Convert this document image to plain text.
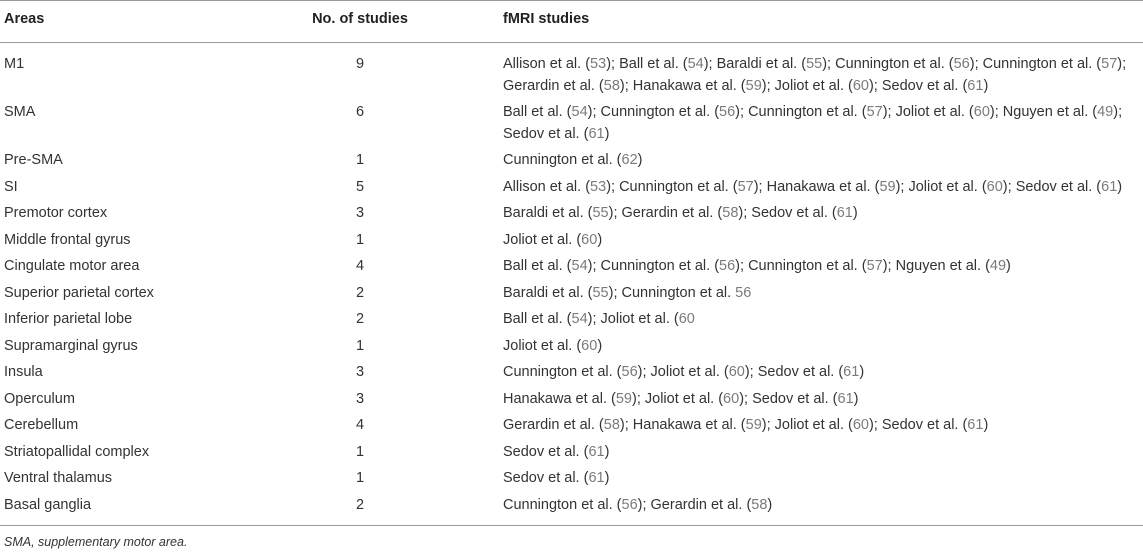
Areas	No. of studies	fMRI studies
M1	9	Allison et al. (53); Ball et al. (54); Baraldi et al. (55); Cunnington et al. (56); Cunnington et al. (57);
Gerardin et al. (58); Hanakawa et al. (59); Joliot et al. (60); Sedov et al. (61)
SMA	6	Ball et al. (54); Cunnington et al. (56); Cunnington et al. (57); Joliot et al. (60); Nguyen et al. (49);
Sedov et al. (61)
Pre-SMA	1	Cunnington et al. (62)
SI	5	Allison et al. (53); Cunnington et al. (57); Hanakawa et al. (59); Joliot et al. (60); Sedov et al. (61)
Premotor cortex	3	Baraldi et al. (55); Gerardin et al. (58); Sedov et al. (61)
Middle frontal gyrus	1	Joliot et al. (60)
Cingulate motor area	4	Ball et al. (54); Cunnington et al. (56); Cunnington et al. (57); Nguyen et al. (49)
Superior parietal cortex	2	Baraldi et al. (55); Cunnington et al. 56
Inferior parietal lobe	2	Ball et al. (54); Joliot et al. (60
Supramarginal gyrus	1	Joliot et al. (60)
Insula	3	Cunnington et al. (56); Joliot et al. (60); Sedov et al. (61)
Operculum	3	Hanakawa et al. (59); Joliot et al. (60); Sedov et al. (61)
Cerebellum	4	Gerardin et al. (58); Hanakawa et al. (59); Joliot et al. (60); Sedov et al. (61)
Striatopallidal complex	1	Sedov et al. (61)
Ventral thalamus	1	Sedov et al. (61)
Basal ganglia	2	Cunnington et al. (56); Gerardin et al. (58)

SMA, supplementary motor area.
